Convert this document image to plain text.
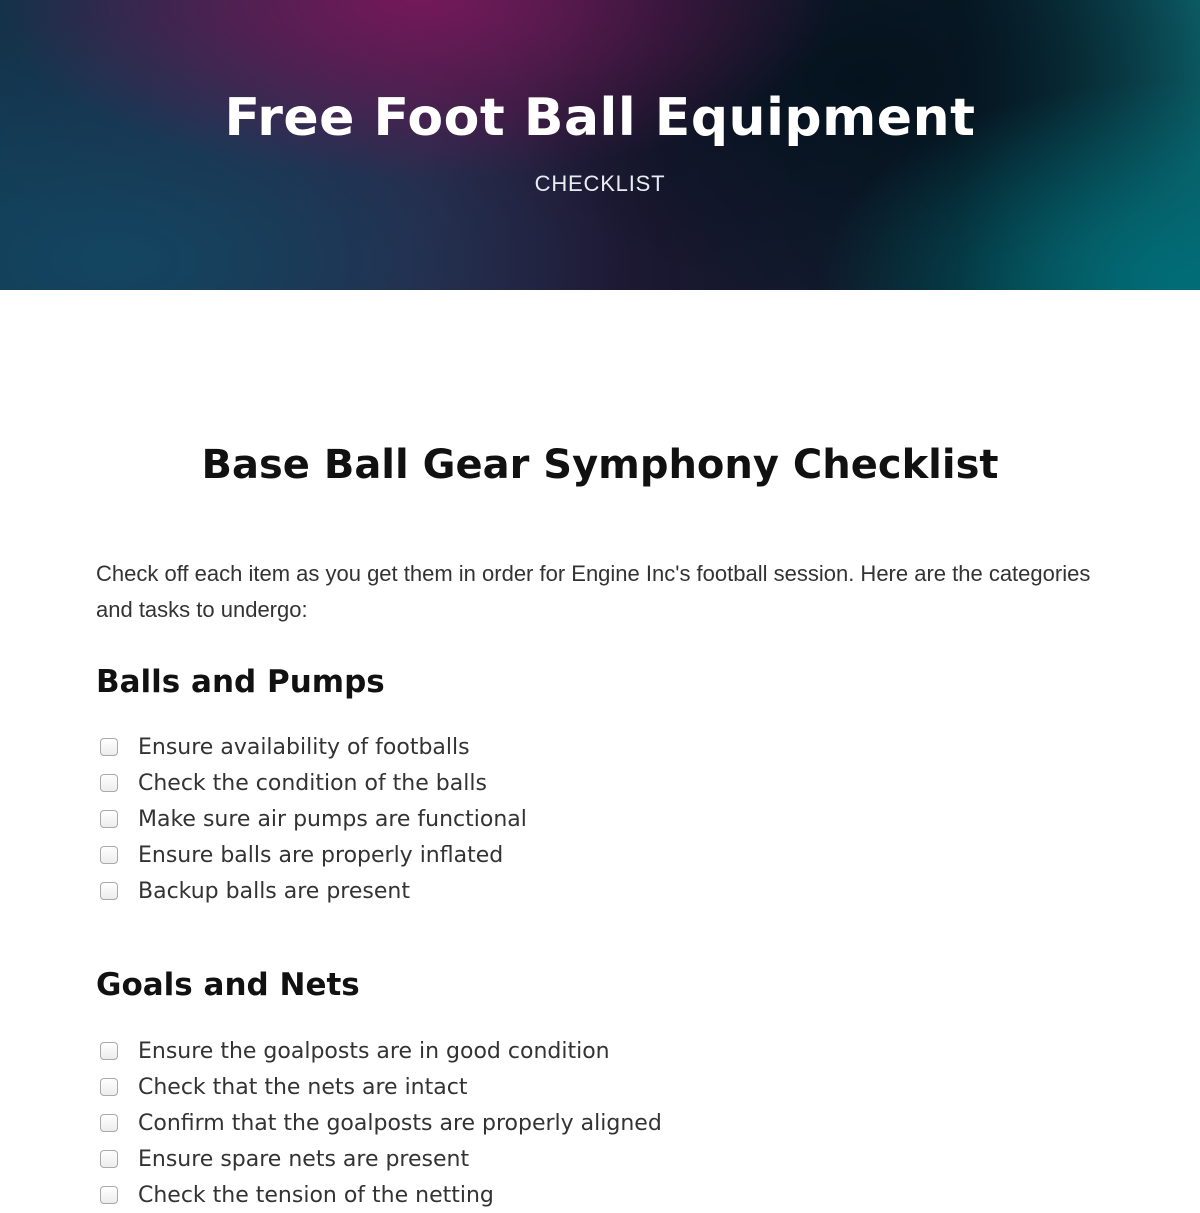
Free Foot Ball Equipment
CHECKLIST
Base Ball Gear Symphony Checklist

Check off each item as you get them in order for Engine Inc's football session. Here are the categories and tasks to undergo:

Balls and Pumps
Ensure availability of footballs
Check the condition of the balls
Make sure air pumps are functional
Ensure balls are properly inflated
Backup balls are present
Goals and Nets
Ensure the goalposts are in good condition
Check that the nets are intact
Confirm that the goalposts are properly aligned
Ensure spare nets are present
Check the tension of the netting
